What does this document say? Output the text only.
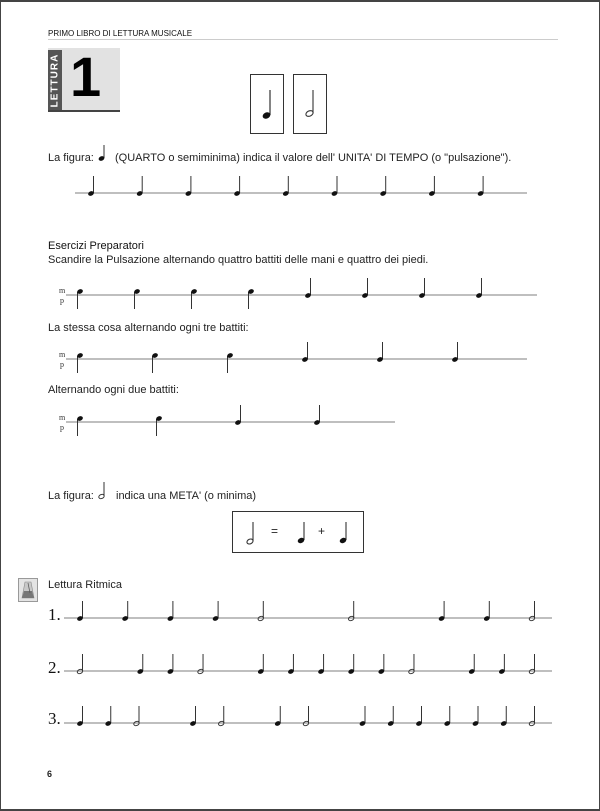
PRIMO LIBRO DI LETTURA MUSICALE
LETTURA 1
La figura: (QUARTO o semiminima) indica il valore dell' UNITA' DI TEMPO (o "pulsazione").
Esercizi Preparatori
Scandire la Pulsazione alternando quattro battiti delle mani e quattro dei piedi.
La stessa cosa alternando ogni tre battiti:
Alternando ogni due battiti:
m
p
m
p
m
p
La figura: indica una META' (o minima)
=	+
Lettura Ritmica
1.
2.
3.
6
